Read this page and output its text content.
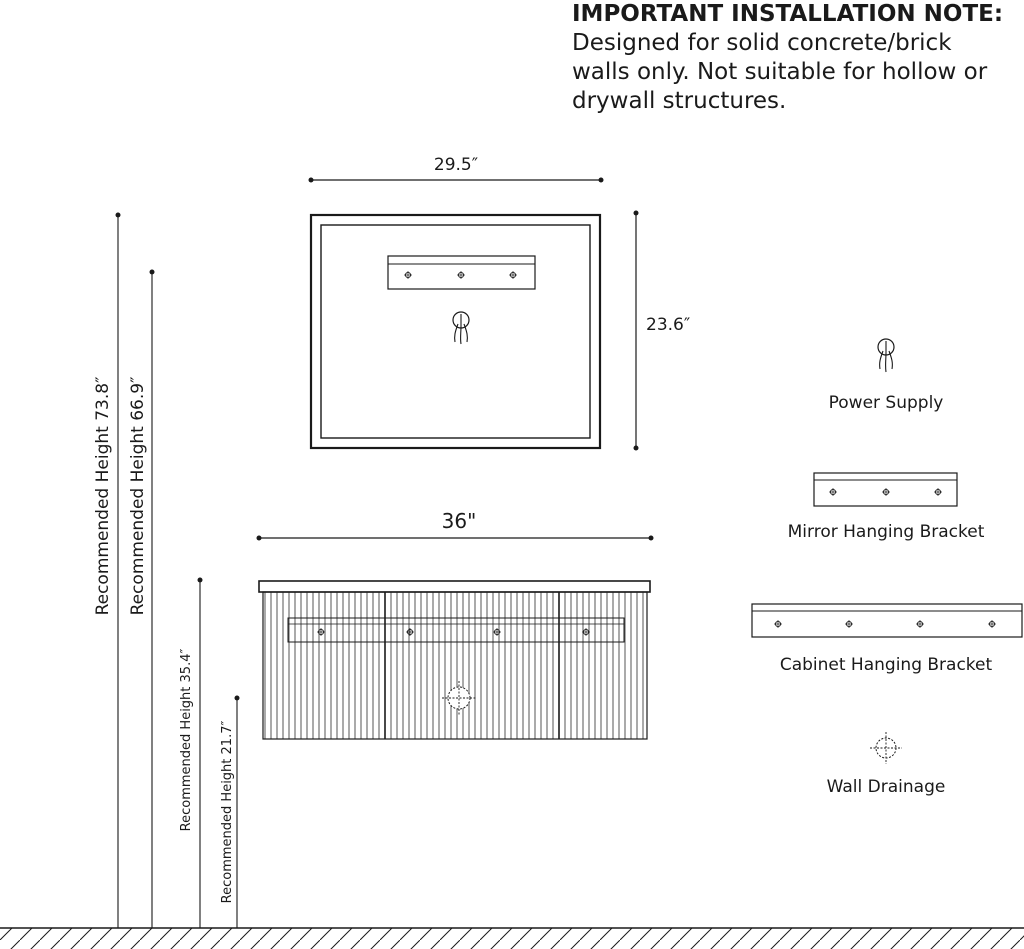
IMPORTANT INSTALLATION NOTE:
Designed for solid concrete/brick
walls only. Not suitable for hollow or
drywall structures.
29.5″
23.6″
36"
Recommended Height 73.8″ Recommended Height 66.9″
Recommended Height 35.4″ Recommended Height 21.7″
Power Supply
Mirror Hanging Bracket
Cabinet Hanging Bracket
Wall Drainage
